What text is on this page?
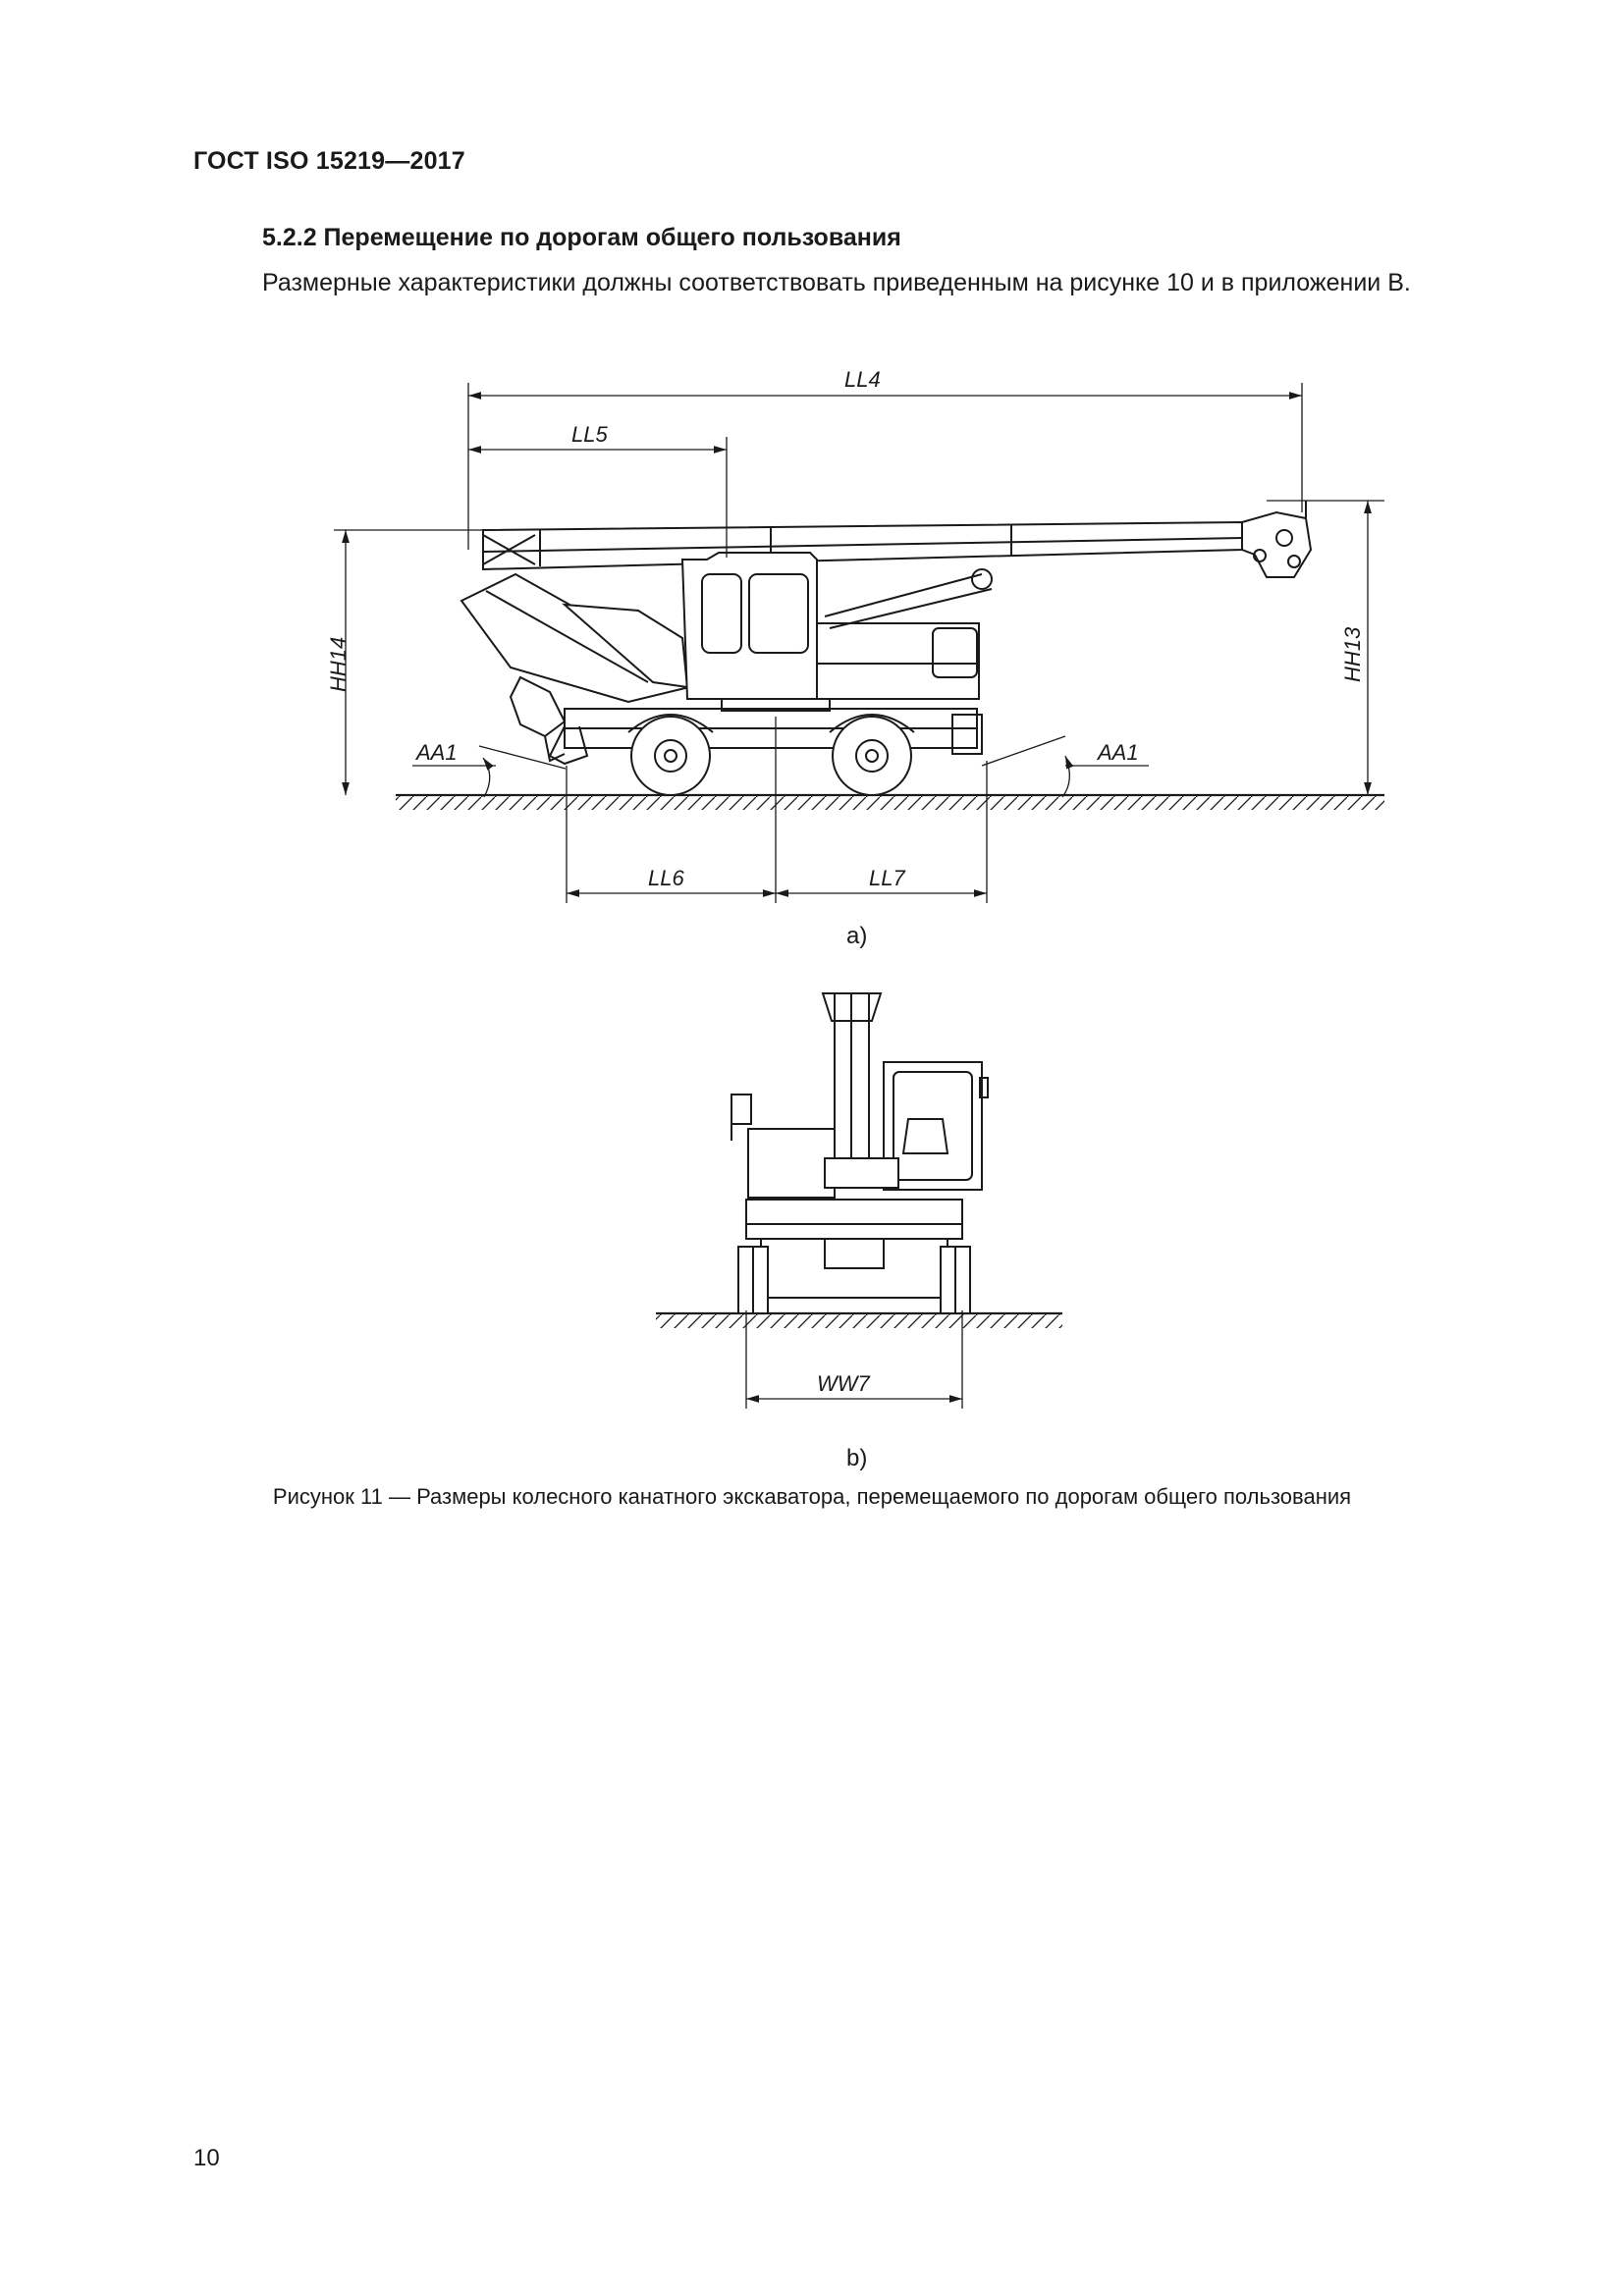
ГОСТ ISO 15219—2017
5.2.2 Перемещение по дорогам общего пользования

Размерные характеристики должны соответствовать приведенным на рисунке 10 и в приложении В.

LL4
LL5
HH14	HH13
AA1	AA1
LL6	LL7
a)
WW7
b)
Рисунок 11 — Размеры колесного канатного экскаватора, перемещаемого по дорогам общего пользования
10
